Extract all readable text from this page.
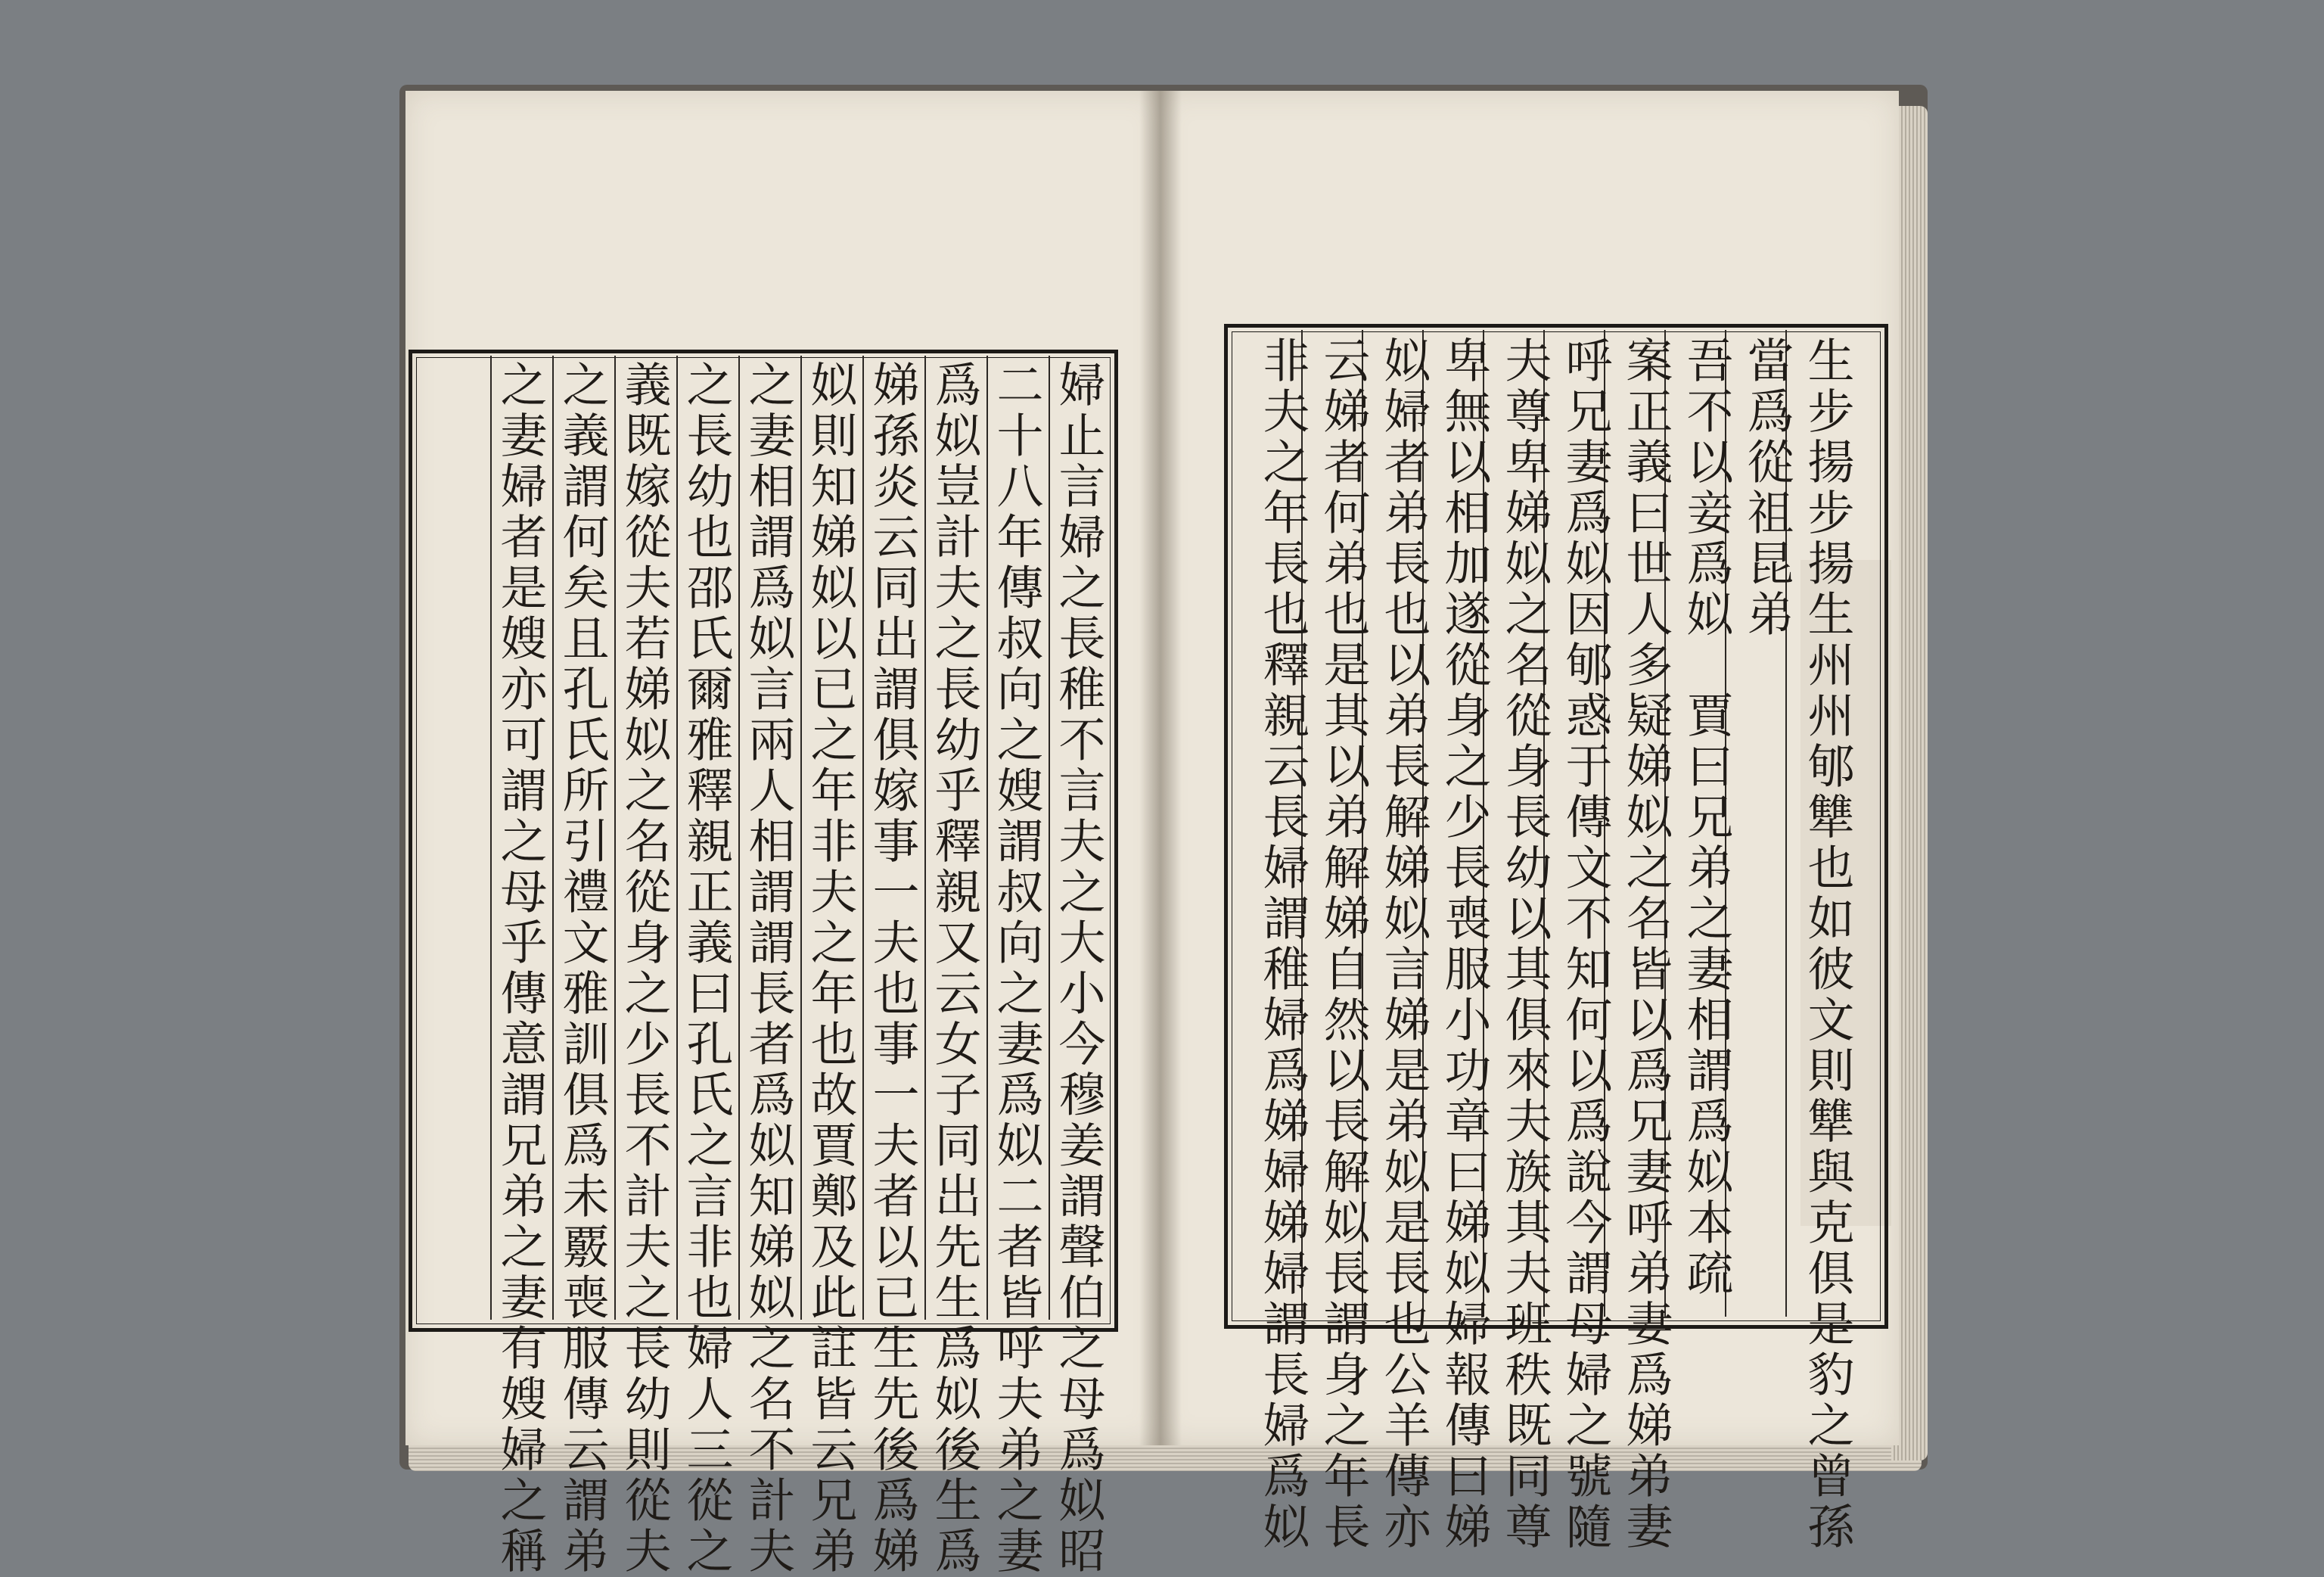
婦止言婦之長稚不言夫之大小今穆姜謂聲伯之母爲姒昭
二十八年傳叔向之嫂謂叔向之妻爲姒二者皆呼夫弟之妻
爲姒豈計夫之長幼乎釋親又云女子同出先生爲姒後生爲
娣孫炎云同出謂俱嫁事一夫也事一夫者以已生先後爲娣
姒則知娣姒以已之年非夫之年也故賈鄭及此註皆云兄弟
之妻相謂爲姒言兩人相謂謂長者爲姒知娣姒之名不計夫
之長幼也邵氏爾雅釋親正義曰孔氏之言非也婦人三從之
義既嫁從夫若娣姒之名從身之少長不計夫之長幼則從夫
之義謂何矣且孔氏所引禮文雅訓俱爲未覈喪服傳云謂弟
之妻婦者是嫂亦可謂之母乎傳意謂兄弟之妻有嫂婦之稱	生步揚步揚生州州郇犨也如彼文則犨與克俱是豹之曾孫
當爲從祖昆弟
吾不以妾爲姒　賈曰兄弟之妻相謂爲姒本疏
案正義曰世人多疑娣姒之名皆以爲兄妻呼弟妻爲娣弟妻
呼兄妻爲姒因郇惑于傳文不知何以爲說今謂母婦之號隨
夫尊卑娣姒之名從身長幼以其俱來夫族其夫班秩既同尊
卑無以相加遂從身之少長喪服小功章曰娣姒婦報傳曰娣
姒婦者弟長也以弟長解娣姒言娣是弟姒是長也公羊傳亦
云娣者何弟也是其以弟解娣自然以長解姒長謂身之年長
非夫之年長也釋親云長婦謂稚婦爲娣婦娣婦謂長婦爲姒
